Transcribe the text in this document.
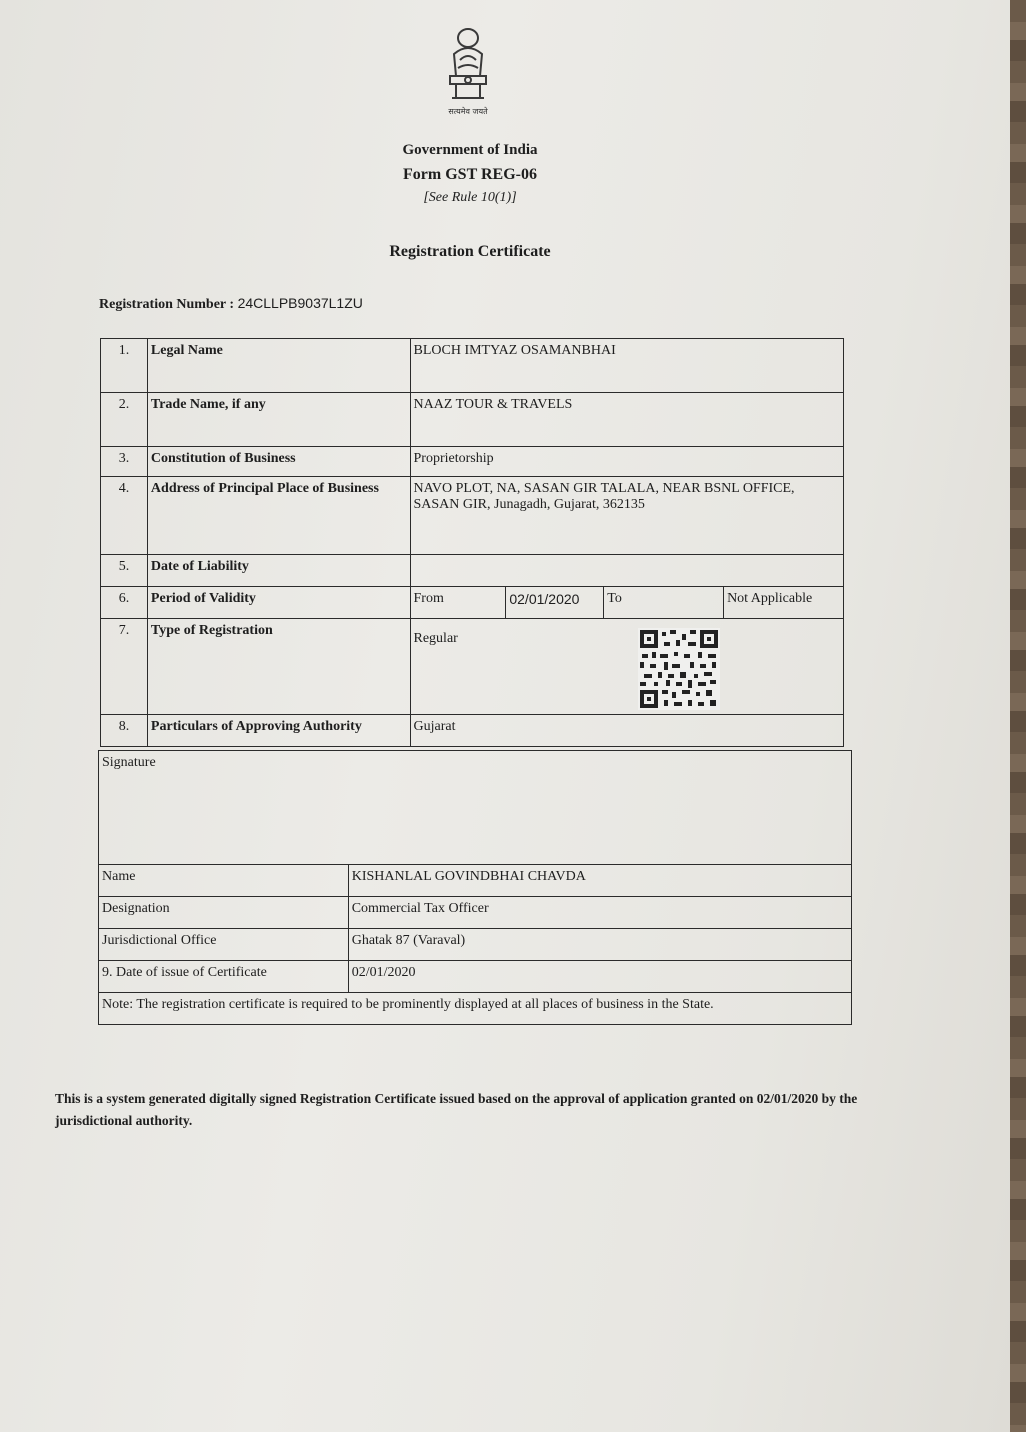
सत्यमेव जयते
Government of India
Form GST REG-06
[See Rule 10(1)]
Registration Certificate
Registration Number : 24CLLPB9037L1ZU
1.	Legal Name	BLOCH IMTYAZ OSAMANBHAI			
2.	Trade Name, if any	NAAZ TOUR & TRAVELS			
3.	Constitution of Business	Proprietorship			
4.	Address of Principal Place of Business	NAVO PLOT, NA, SASAN GIR TALALA, NEAR BSNL OFFICE, SASAN GIR, Junagadh, Gujarat, 362135			
5.	Date of Liability				
6.	Period of Validity	From	02/01/2020	To	Not Applicable
7.	Type of Registration	Regular			
8.	Particulars of Approving Authority	Gujarat			
Signature	
Name	KISHANLAL GOVINDBHAI CHAVDA
Designation	Commercial Tax Officer
Jurisdictional Office	Ghatak 87 (Varaval)
9. Date of issue of Certificate	02/01/2020
Note: The registration certificate is required to be prominently displayed at all places of business in the State.	
This is a system generated digitally signed Registration Certificate issued based on the approval of application granted on 02/01/2020 by the jurisdictional authority.
